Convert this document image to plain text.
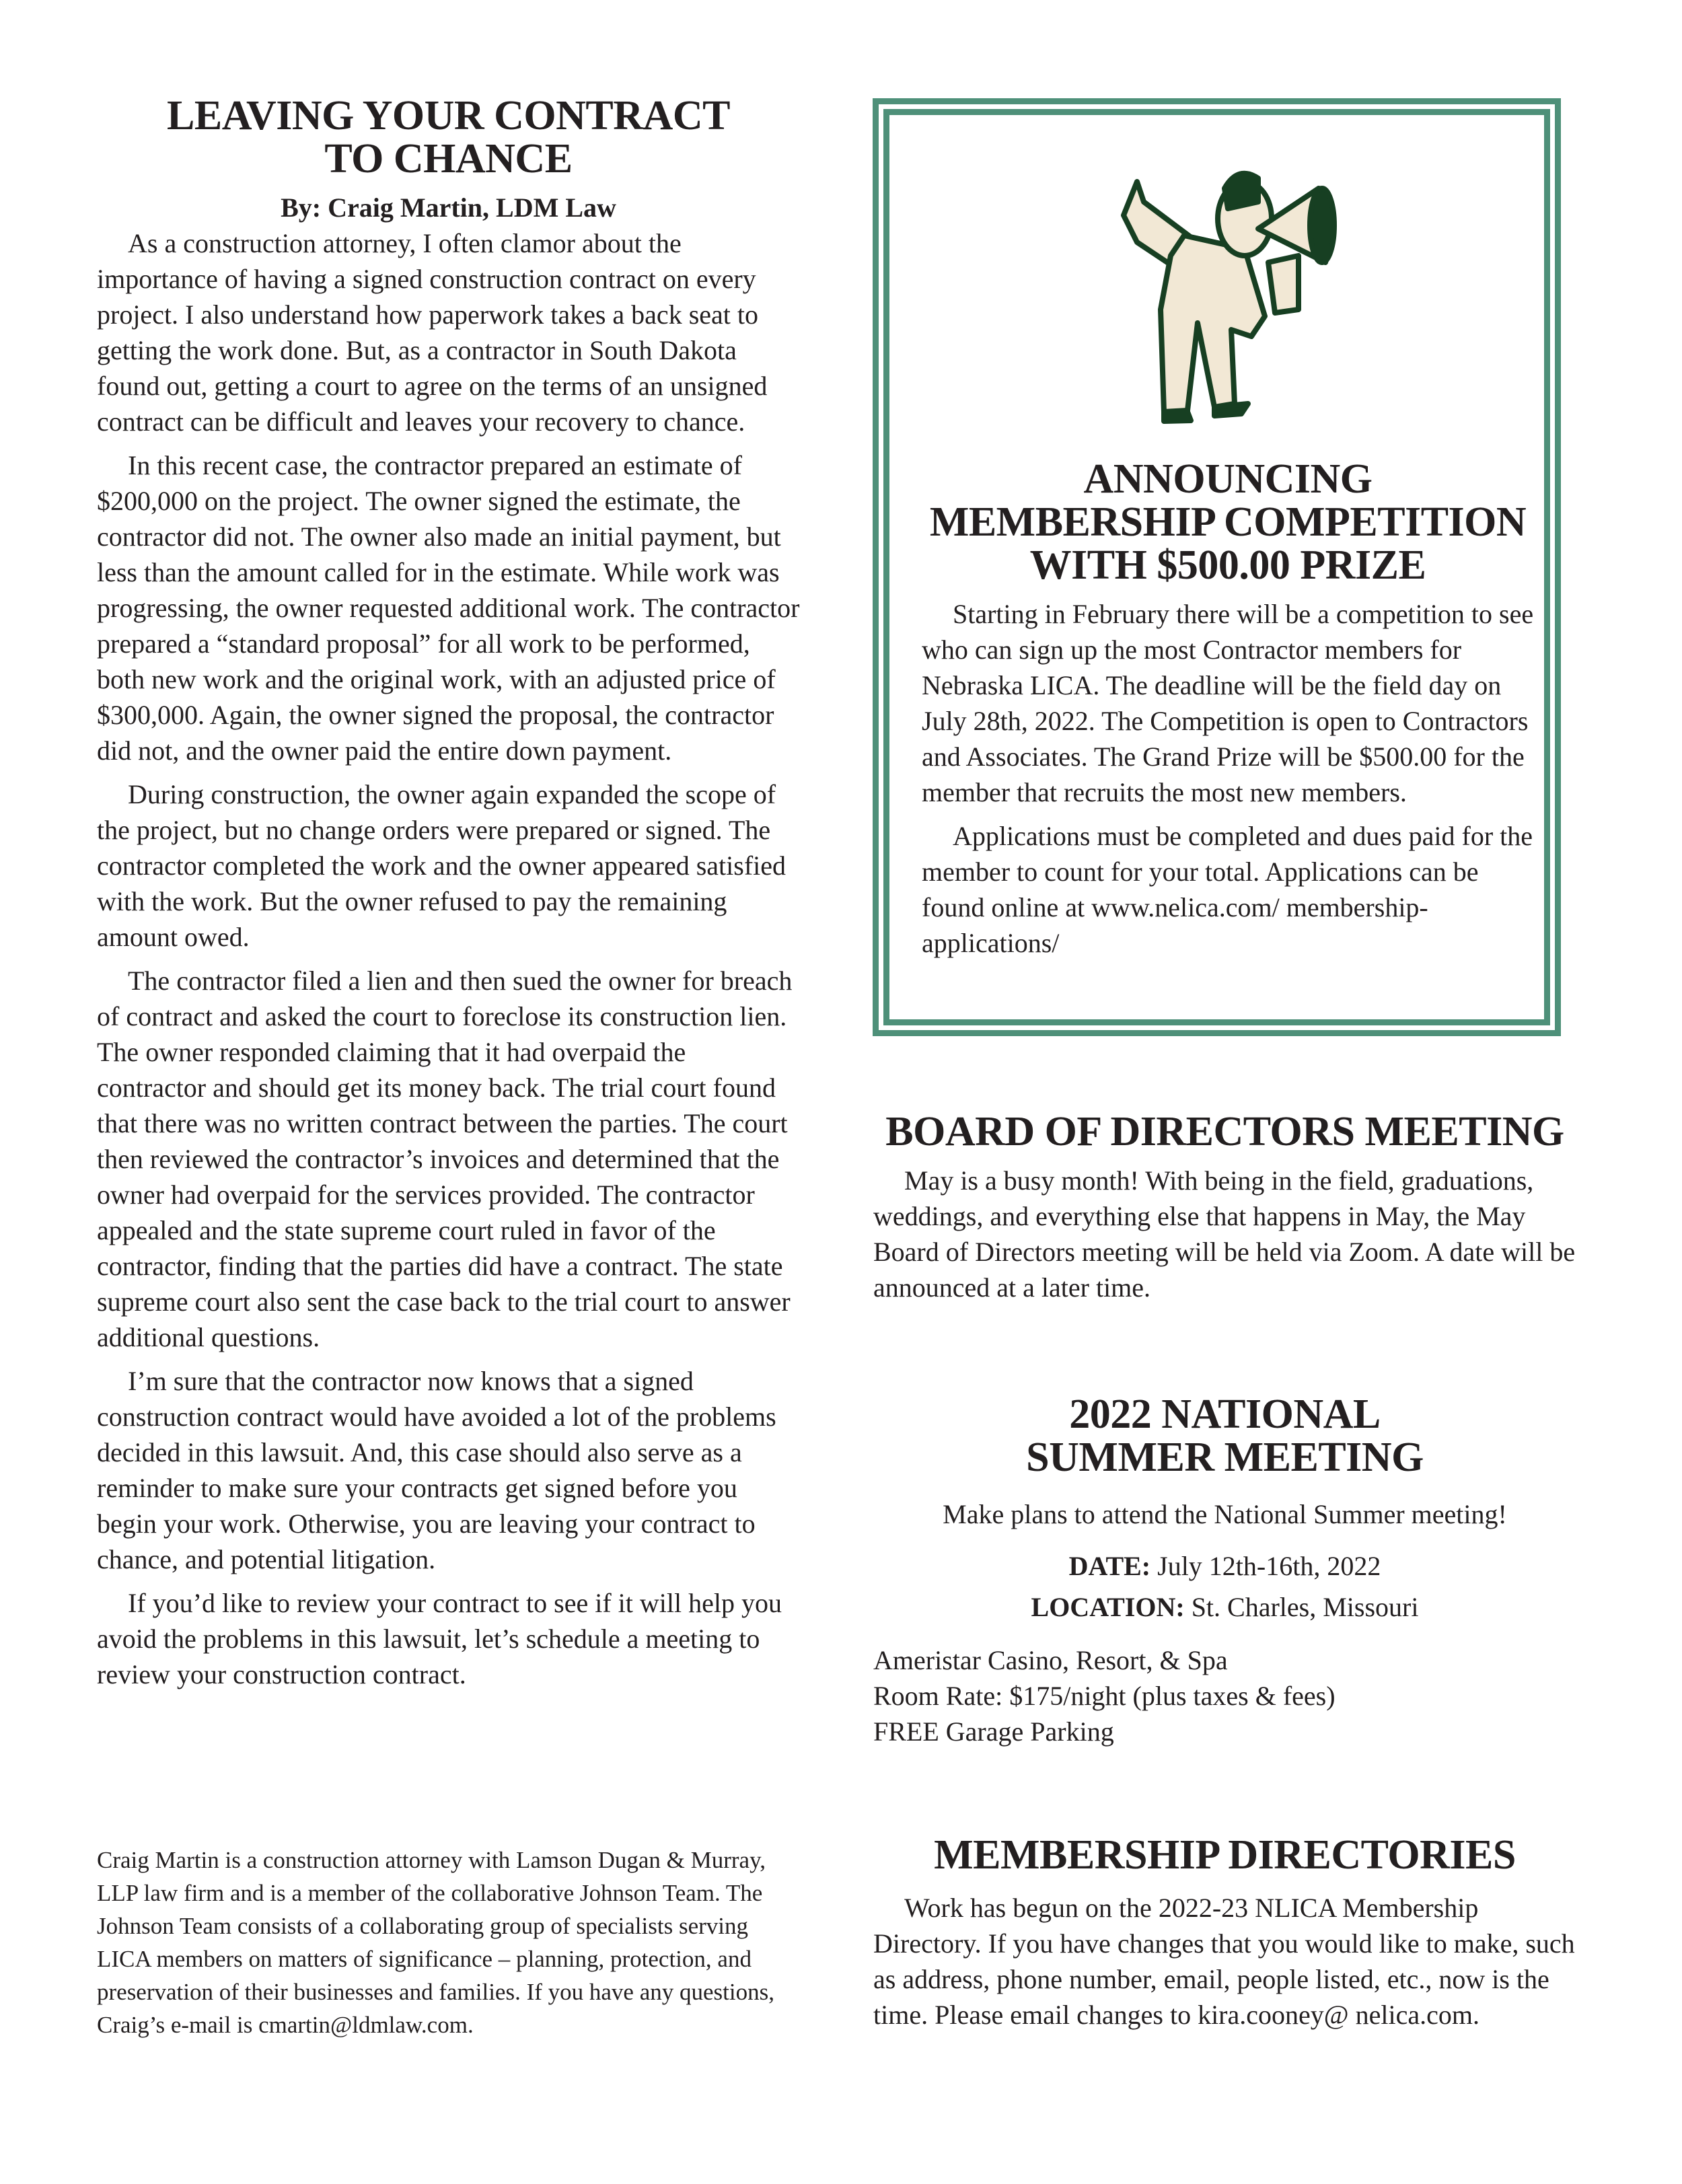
LEAVING YOUR CONTRACT
TO CHANCE
By: Craig Martin, LDM Law

As a construction attorney, I often clamor about the importance of having a signed construction contract on every project. I also understand how paperwork takes a back seat to getting the work done. But, as a contractor in South Dakota found out, getting a court to agree on the terms of an unsigned contract can be difficult and leaves your recovery to chance.

In this recent case, the contractor prepared an estimate of $200,000 on the project. The owner signed the estimate, the contractor did not. The owner also made an initial payment, but less than the amount called for in the estimate. While work was progressing, the owner requested additional work. The contractor prepared a “standard proposal” for all work to be performed, both new work and the original work, with an adjusted price of $300,000. Again, the owner signed the proposal, the contractor did not, and the owner paid the entire down payment.

During construction, the owner again expanded the scope of the project, but no change orders were prepared or signed. The contractor completed the work and the owner appeared satisfied with the work. But the owner refused to pay the remaining amount owed.

The contractor filed a lien and then sued the owner for breach of contract and asked the court to foreclose its construction lien. The owner responded claiming that it had overpaid the contractor and should get its money back. The trial court found that there was no written contract between the parties. The court then reviewed the contractor’s invoices and determined that the owner had overpaid for the services provided. The contractor appealed and the state supreme court ruled in favor of the contractor, finding that the parties did have a contract. The state supreme court also sent the case back to the trial court to answer additional questions.

I’m sure that the contractor now knows that a signed construction contract would have avoided a lot of the problems decided in this lawsuit. And, this case should also serve as a reminder to make sure your contracts get signed before you begin your work. Otherwise, you are leaving your contract to chance, and potential litigation.

If you’d like to review your contract to see if it will help you avoid the problems in this lawsuit, let’s schedule a meeting to review your construction contract.

Craig Martin is a construction attorney with Lamson Dugan & Murray, LLP law firm and is a member of the collaborative Johnson Team. The Johnson Team consists of a collaborating group of specialists serving LICA members on matters of significance – planning, protection, and preservation of their businesses and families. If you have any questions, Craig’s e-mail is cmartin@ldmlaw.com.

ANNOUNCING
MEMBERSHIP COMPETITION
WITH $500.00 PRIZE

Starting in February there will be a competition to see who can sign up the most Contractor members for Nebraska LICA. The deadline will be the field day on July 28th, 2022. The Competition is open to Contractors and Associates. The Grand Prize will be $500.00 for the member that recruits the most new members.

Applications must be completed and dues paid for the member to count for your total. Applications can be found online at www.nelica.com/ membership-applications/

BOARD OF DIRECTORS MEETING

May is a busy month! With being in the field, graduations, weddings, and everything else that happens in May, the May Board of Directors meeting will be held via Zoom. A date will be announced at a later time.

2022 NATIONAL
SUMMER MEETING

Make plans to attend the National Summer meeting!

DATE: July 12th-16th, 2022

LOCATION: St. Charles, Missouri

Ameristar Casino, Resort, & Spa

Room Rate: $175/night (plus taxes & fees)

FREE Garage Parking

MEMBERSHIP DIRECTORIES

Work has begun on the 2022-23 NLICA Membership Directory. If you have changes that you would like to make, such as address, phone number, email, people listed, etc., now is the time. Please email changes to kira.cooney@ nelica.com.
